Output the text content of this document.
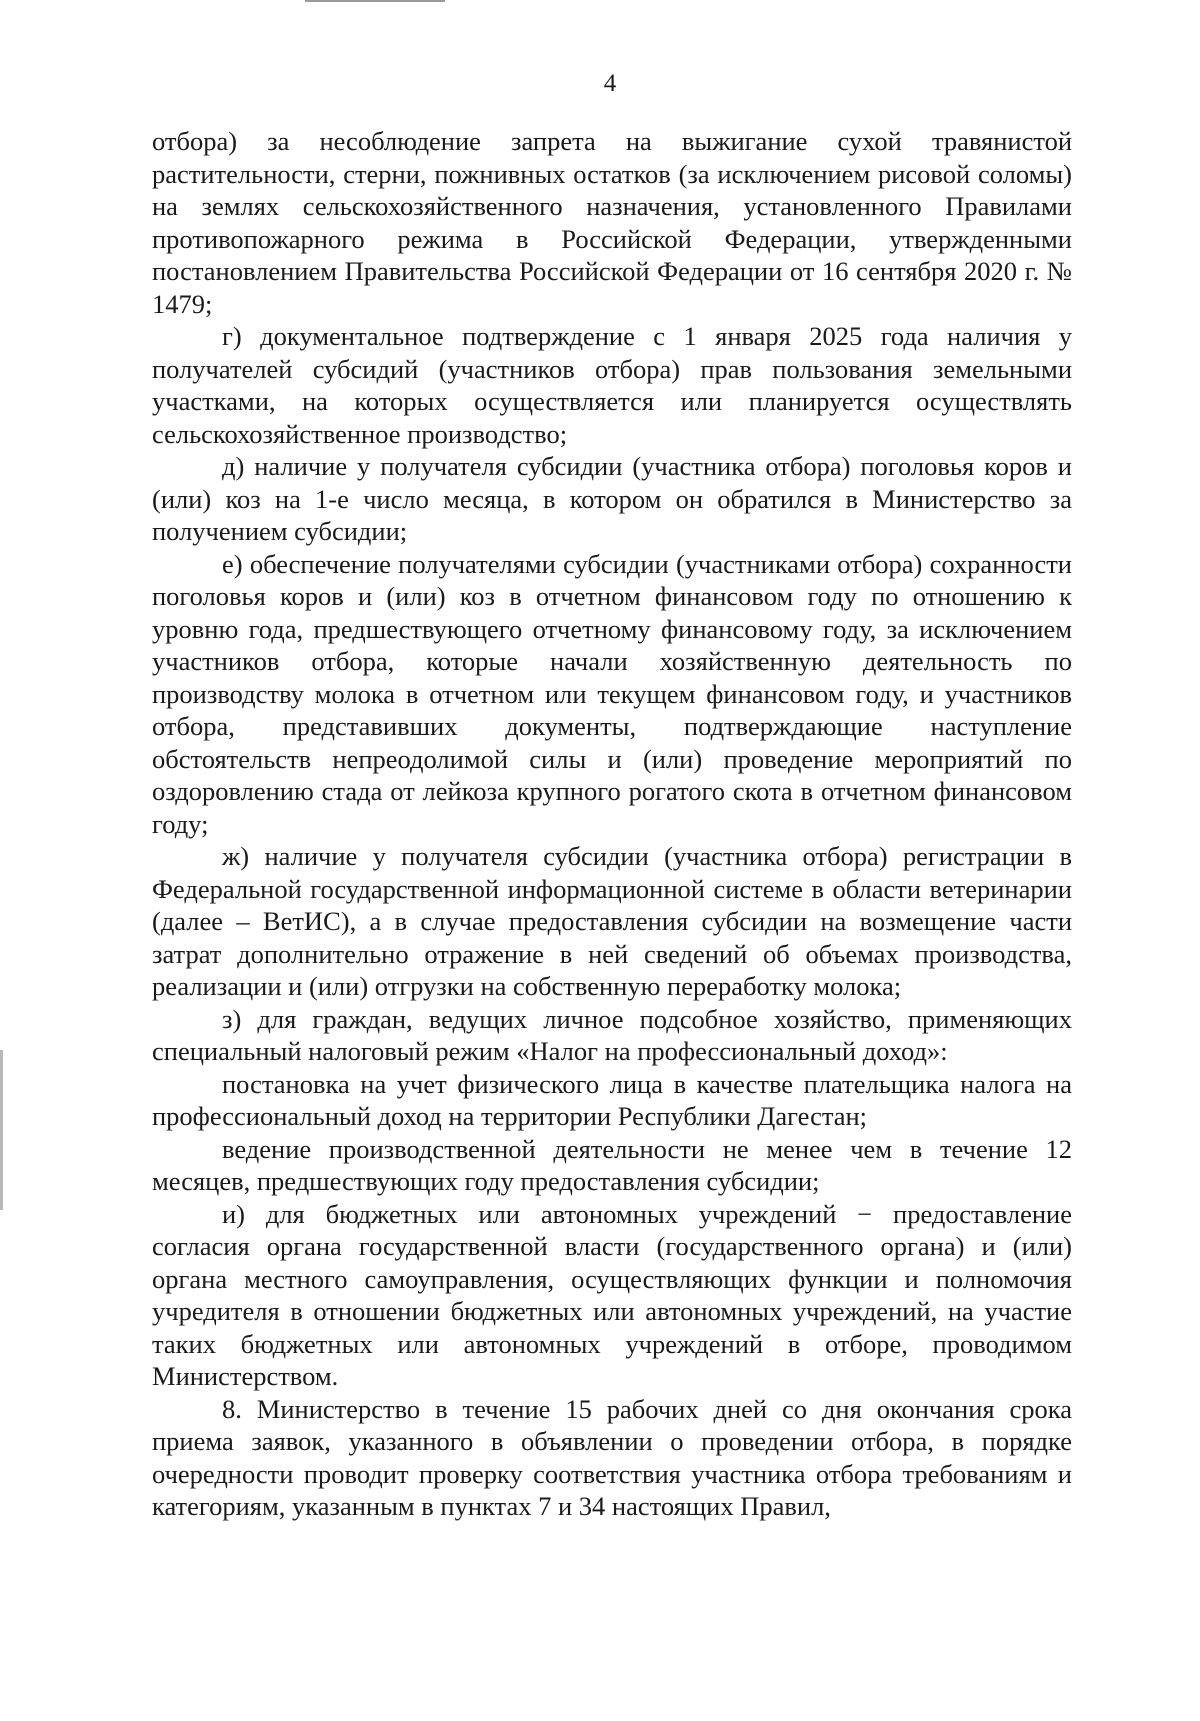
4

отбора) за несоблюдение запрета на выжигание сухой травянистой растительности, стерни, пожнивных остатков (за исключением рисовой соломы) на землях сельскохозяйственного назначения, установленного Правилами противопожарного режима в Российской Федерации, утвержденными постановлением Правительства Российской Федерации от 16 сентября 2020 г. № 1479;

г) документальное подтверждение с 1 января 2025 года наличия у получателей субсидий (участников отбора) прав пользования земельными участками, на которых осуществляется или планируется осуществлять сельскохозяйственное производство;

д) наличие у получателя субсидии (участника отбора) поголовья коров и (или) коз на 1-е число месяца, в котором он обратился в Министерство за получением субсидии;

е) обеспечение получателями субсидии (участниками отбора) сохранности поголовья коров и (или) коз в отчетном финансовом году по отношению к уровню года, предшествующего отчетному финансовому году, за исключением участников отбора, которые начали хозяйственную деятельность по производству молока в отчетном или текущем финансовом году, и участников отбора, представивших документы, подтверждающие наступление обстоятельств непреодолимой силы и (или) проведение мероприятий по оздоровлению стада от лейкоза крупного рогатого скота в отчетном финансовом году;

ж) наличие у получателя субсидии (участника отбора) регистрации в Федеральной государственной информационной системе в области ветеринарии (далее – ВетИС), а в случае предоставления субсидии на возмещение части затрат дополнительно отражение в ней сведений об объемах производства, реализации и (или) отгрузки на собственную переработку молока;

з) для граждан, ведущих личное подсобное хозяйство, применяющих специальный налоговый режим «Налог на профессиональный доход»:

постановка на учет физического лица в качестве плательщика налога на профессиональный доход на территории Республики Дагестан;

ведение производственной деятельности не менее чем в течение 12 месяцев, предшествующих году предоставления субсидии;

и) для бюджетных или автономных учреждений − предоставление согласия органа государственной власти (государственного органа) и (или) органа местного самоуправления, осуществляющих функции и полномочия учредителя в отношении бюджетных или автономных учреждений, на участие таких бюджетных или автономных учреждений в отборе, проводимом Министерством.

8. Министерство в течение 15 рабочих дней со дня окончания срока приема заявок, указанного в объявлении о проведении отбора, в порядке очередности проводит проверку соответствия участника отбора требованиям и категориям, указанным в пунктах 7 и 34 настоящих Правил,
